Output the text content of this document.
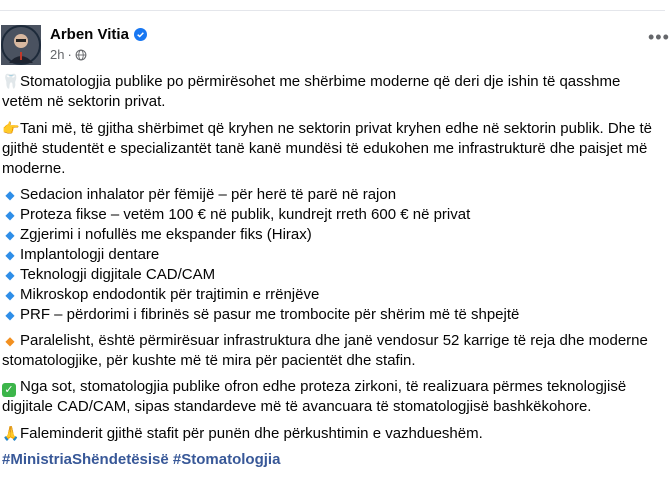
Arben Vitia
2h ·
•••

🦷Stomatologjia publike po përmirësohet me shërbime moderne që deri dje ishin të qasshme vetëm në sektorin privat.

👉Tani më, të gjitha shërbimet që kryhen ne sektorin privat kryhen edhe në sektorin publik. Dhe të gjithë studentët e specializantët tanë kanë mundësi të edukohen me infrastrukturë dhe paisjet më moderne.

◆ Sedacion inhalator për fëmijë – për herë të parë në rajon
◆ Proteza fikse – vetëm 100 € në publik, kundrejt rreth 600 € në privat
◆ Zgjerimi i nofullës me ekspander fiks (Hirax)
◆ Implantologji dentare
◆ Teknologji digjitale CAD/CAM
◆ Mikroskop endodontik për trajtimin e rrënjëve
◆ PRF – përdorimi i fibrinës së pasur me trombocite për shërim më të shpejtë

◆ Paralelisht, është përmirësuar infrastruktura dhe janë vendosur 52 karrige të reja dhe moderne stomatologjike, për kushte më të mira për pacientët dhe stafin.

✓ Nga sot, stomatologjia publike ofron edhe proteza zirkoni, të realizuara përmes teknologjisë digjitale CAD/CAM, sipas standardeve më të avancuara të stomatologjisë bashkëkohore.

🙏Faleminderit gjithë stafit për punën dhe përkushtimin e vazhdueshëm.

#MinistriaShëndetësisë #Stomatologjia
